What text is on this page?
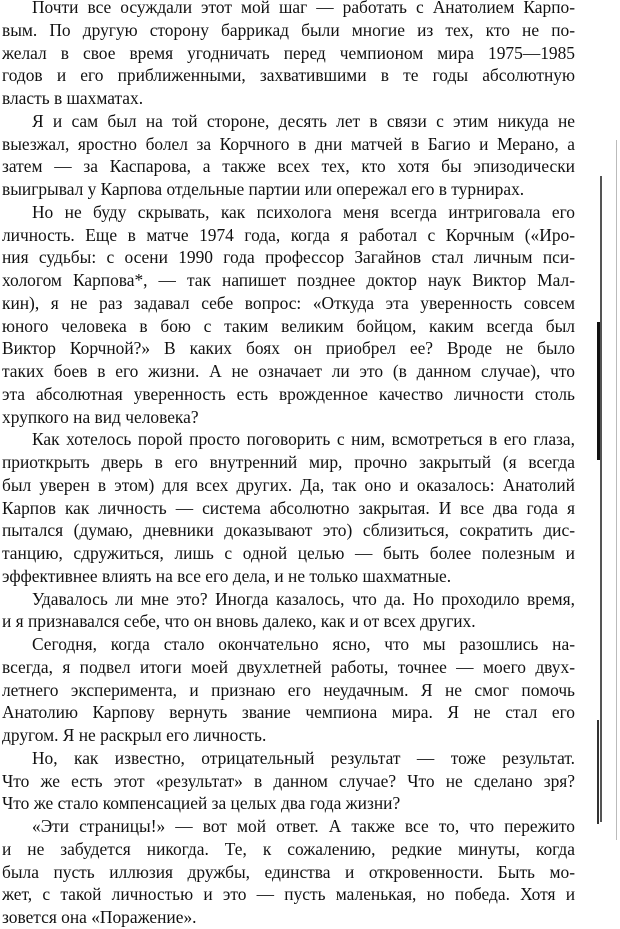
Почти все осуждали этот мой шаг — работать с Анатолием Карпо-
вым. По другую сторону баррикад были многие из тех, кто не по-
желал в свое время угодничать перед чемпионом мира 1975—1985
годов и его приближенными, захватившими в те годы абсолютную
власть в шахматах.
Я и сам был на той стороне, десять лет в связи с этим никуда не
выезжал, яростно болел за Корчного в дни матчей в Багио и Мерано, а
затем — за Каспарова, а также всех тех, кто хотя бы эпизодически
выигрывал у Карпова отдельные партии или опережал его в турнирах.
Но не буду скрывать, как психолога меня всегда интриговала его
личность. Еще в матче 1974 года, когда я работал с Корчным («Иро-
ния судьбы: с осени 1990 года профессор Загайнов стал личным пси-
хологом Карпова*, — так напишет позднее доктор наук Виктор Мал-
кин), я не раз задавал себе вопрос: «Откуда эта уверенность совсем
юного человека в бою с таким великим бойцом, каким всегда был
Виктор Корчной?» В каких боях он приобрел ее? Вроде не было
таких боев в его жизни. А не означает ли это (в данном случае), что
эта абсолютная уверенность есть врожденное качество личности столь
хрупкого на вид человека?
Как хотелось порой просто поговорить с ним, всмотреться в его глаза,
приоткрыть дверь в его внутренний мир, прочно закрытый (я всегда
был уверен в этом) для всех других. Да, так оно и оказалось: Анатолий
Карпов как личность — система абсолютно закрытая. И все два года я
пытался (думаю, дневники доказывают это) сблизиться, сократить дис-
танцию, сдружиться, лишь с одной целью — быть более полезным и
эффективнее влиять на все его дела, и не только шахматные.
Удавалось ли мне это? Иногда казалось, что да. Но проходило время,
и я признавался себе, что он вновь далеко, как и от всех других.
Сегодня, когда стало окончательно ясно, что мы разошлись на-
всегда, я подвел итоги моей двухлетней работы, точнее — моего двух-
летнего эксперимента, и признаю его неудачным. Я не смог помочь
Анатолию Карпову вернуть звание чемпиона мира. Я не стал его
другом. Я не раскрыл его личность.
Но, как известно, отрицательный результат — тоже результат.
Что же есть этот «результат» в данном случае? Что не сделано зря?
Что же стало компенсацией за целых два года жизни?
«Эти страницы!» — вот мой ответ. А также все то, что пережито
и не забудется никогда. Те, к сожалению, редкие минуты, когда
была пусть иллюзия дружбы, единства и откровенности. Быть мо-
жет, с такой личностью и это — пусть маленькая, но победа. Хотя и
зовется она «Поражение».
